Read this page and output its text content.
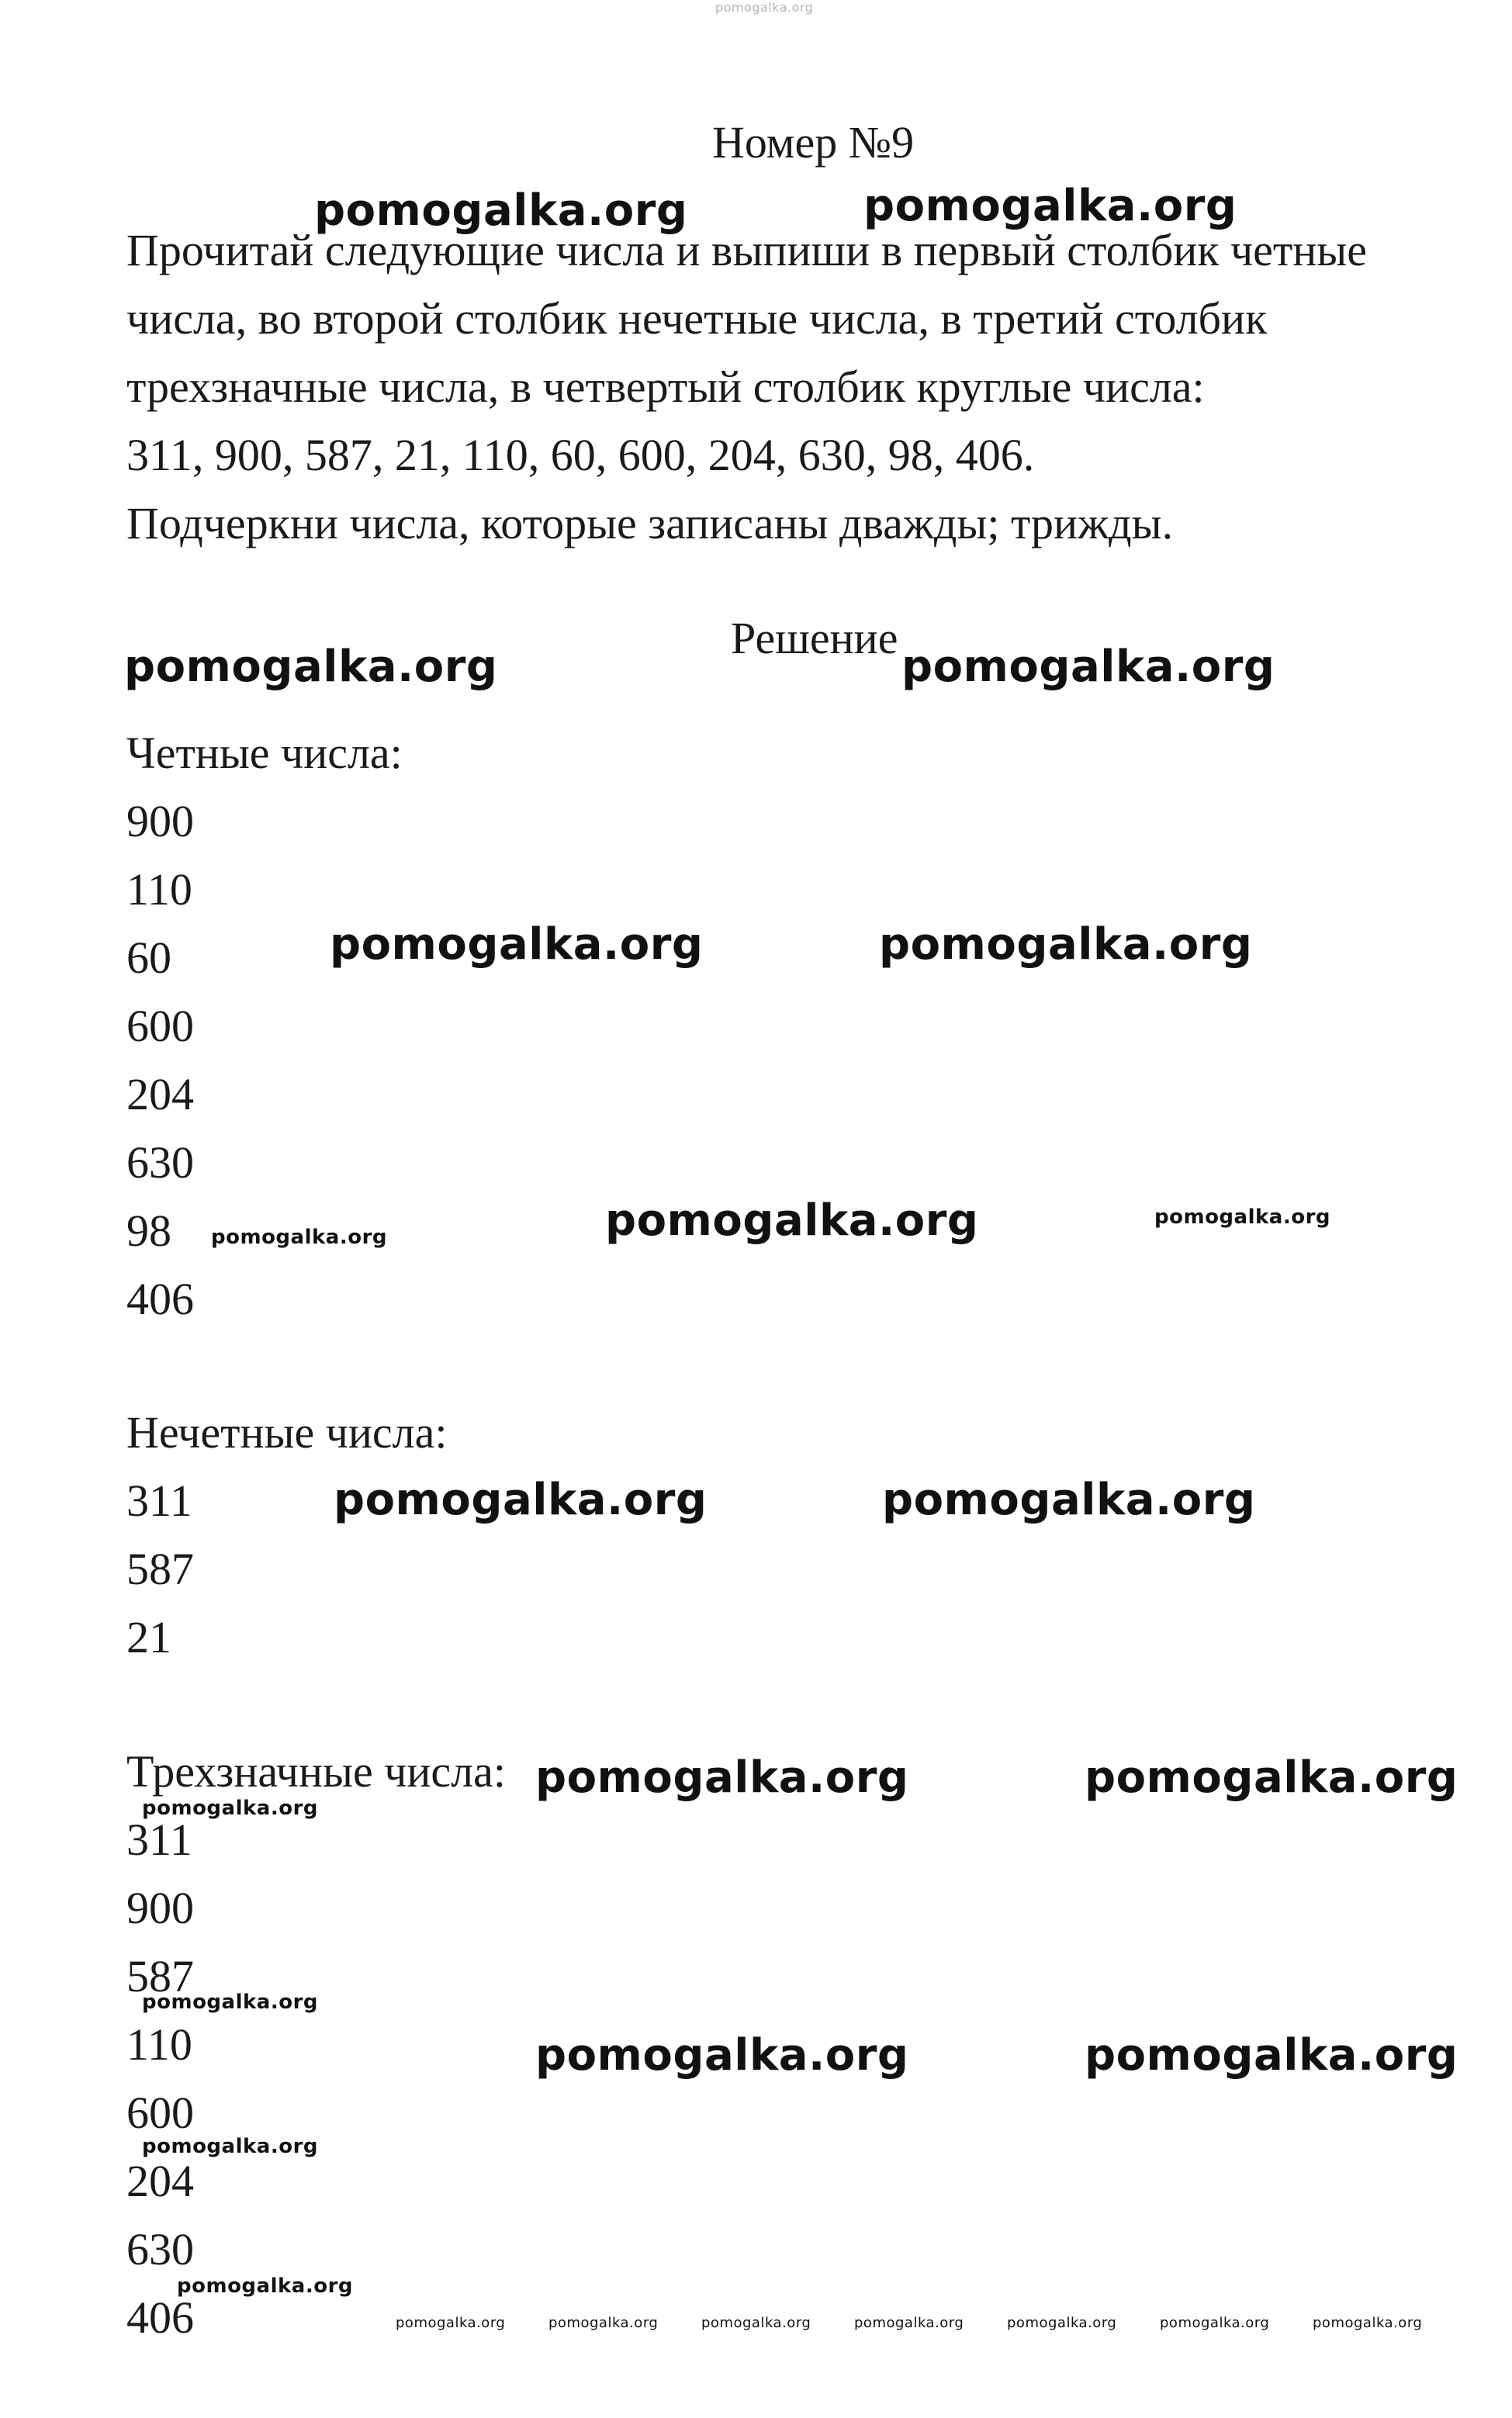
pomogalka.org
Номер №9
Прочитай следующие числа и выпиши в первый столбик четные
числа, во второй столбик нечетные числа, в третий столбик
трехзначные числа, в четвертый столбик круглые числа:
311, 900, 587, 21, 110, 60, 600, 204, 630, 98, 406.
Подчеркни числа, которые записаны дважды; трижды.
Решение
Четные числа:
900
110
60
600
204
630
98
406
Нечетные числа:
311
587
21
Трехзначные числа:
311
900
587
110
600
204
630
406
pomogalka.org	pomogalka.org
pomogalka.org	pomogalka.org
pomogalka.org	pomogalka.org
pomogalka.org
pomogalka.org	pomogalka.org
pomogalka.org	pomogalka.org
pomogalka.org	pomogalka.org
pomogalka.org
pomogalka.org
pomogalka.org
pomogalka.org
pomogalka.org
pomogalka.org
pomogalka.org	pomogalka.org	pomogalka.org	pomogalka.org	pomogalka.org	pomogalka.org	pomogalka.org
